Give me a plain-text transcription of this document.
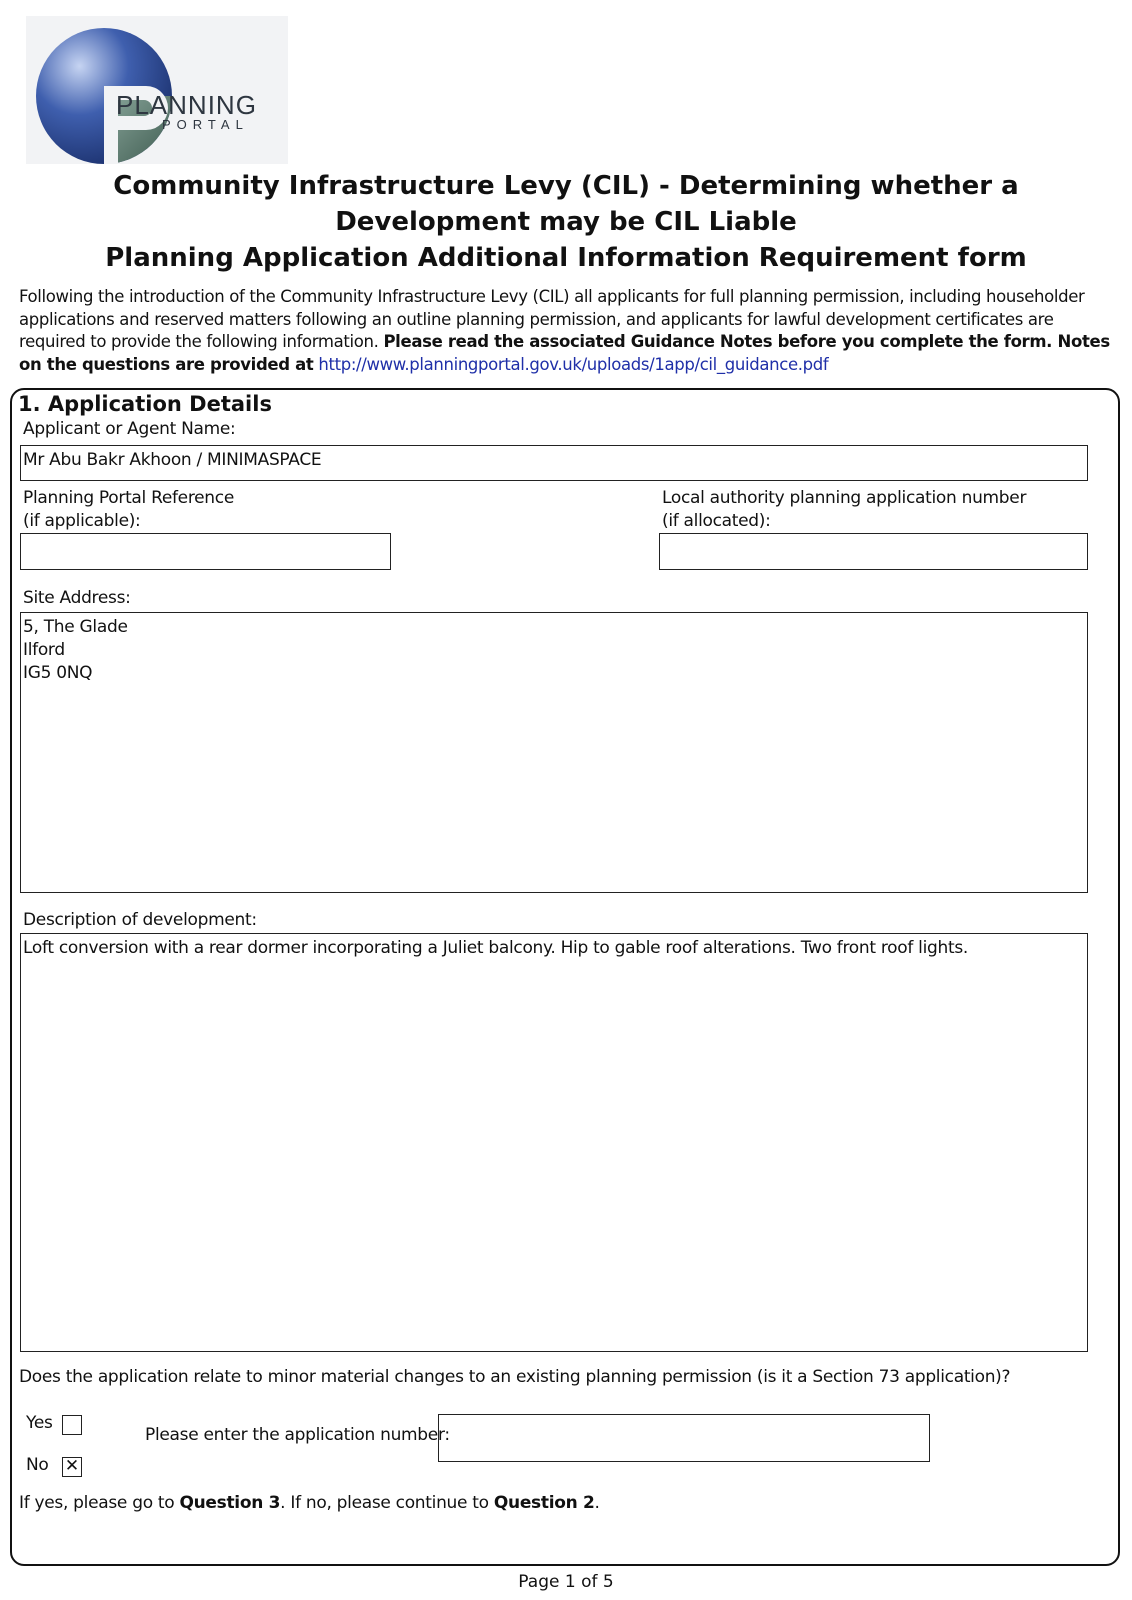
PLANNING
PORTAL
Community Infrastructure Levy (CIL) - Determining whether a
Development may be CIL Liable
Planning Application Additional Information Requirement form
Following the introduction of the Community Infrastructure Levy (CIL) all applicants for full planning permission, including householder applications and reserved matters following an outline planning permission, and applicants for lawful development certificates are required to provide the following information. Please read the associated Guidance Notes before you complete the form. Notes on the questions are provided at http://www.planningportal.gov.uk/uploads/1app/cil_guidance.pdf
1. Application Details
Applicant or Agent Name:
Mr Abu Bakr Akhoon / MINIMASPACE
Planning Portal Reference
(if applicable):
Local authority planning application number
(if allocated):
Site Address:
5, The Glade
Ilford
IG5 0NQ
Description of development:
Loft conversion with a rear dormer incorporating a Juliet balcony. Hip to gable roof alterations. Two front roof lights.
Does the application relate to minor material changes to an existing planning permission (is it a Section 73 application)?
Yes
No ✕
Please enter the application number:
If yes, please go to Question 3. If no, please continue to Question 2.
Page 1 of 5
